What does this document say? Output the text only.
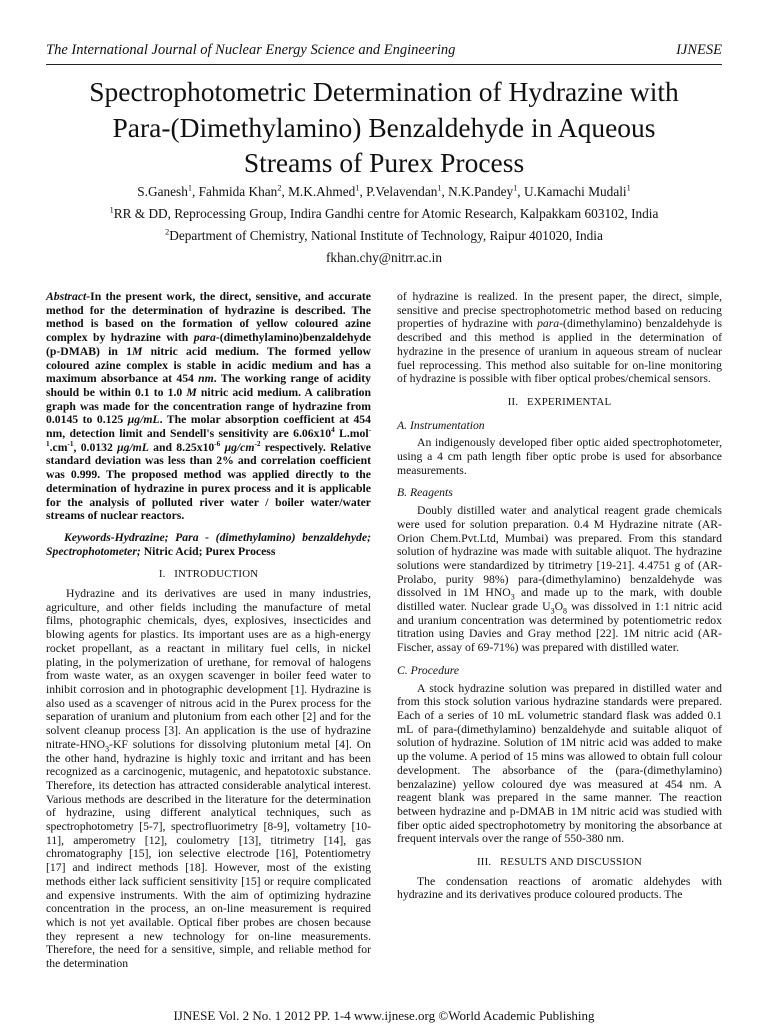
The International Journal of Nuclear Energy Science and Engineering	IJNESE
Spectrophotometric Determination of Hydrazine with
Para-(Dimethylamino) Benzaldehyde in Aqueous
Streams of Purex Process
S.Ganesh$^1$, Fahmida Khan$^2$, M.K.Ahmed$^1$, P.Velavendan$^1$, N.K.Pandey$^1$, U.Kamachi Mudali$^1$
$^1$RR & DD, Reprocessing Group, Indira Gandhi centre for Atomic Research, Kalpakkam 603102, India
$^2$Department of Chemistry, National Institute of Technology, Raipur 401020, India
fkhan.chy@nitrr.ac.in

Abstract-In the present work, the direct, sensitive, and accurate method for the determination of hydrazine is described. The method is based on the formation of yellow coloured azine complex by hydrazine with para-(dimethylamino)benzaldehyde (p-DMAB) in 1M nitric acid medium. The formed yellow coloured azine complex is stable in acidic medium and has a maximum absorbance at 454 nm. The working range of acidity should be within 0.1 to 1.0 M nitric acid medium. A calibration graph was made for the concentration range of hydrazine from 0.0145 to 0.125 μg/mL. The molar absorption coefficient at 454 nm, detection limit and Sendell's sensitivity are $6.06x10^4$ $L.mol^{-1}.cm^{-1}$, 0.0132 μg/mL and $8.25x10^{-6}$ $\mu g/cm^{-2}$ respectively. Relative standard deviation was less than 2% and correlation coefficient was 0.999. The proposed method was applied directly to the determination of hydrazine in purex process and it is applicable for the analysis of polluted river water / boiler water/water streams of nuclear reactors.

Keywords-Hydrazine; Para - (dimethylamino) benzaldehyde; Spectrophotometer; Nitric Acid; Purex Process

I. INTRODUCTION

Hydrazine and its derivatives are used in many industries, agriculture, and other fields including the manufacture of metal films, photographic chemicals, dyes, explosives, insecticides and blowing agents for plastics. Its important uses are as a high-energy rocket propellant, as a reactant in military fuel cells, in nickel plating, in the polymerization of urethane, for removal of halogens from waste water, as an oxygen scavenger in boiler feed water to inhibit corrosion and in photographic development [1]. Hydrazine is also used as a scavenger of nitrous acid in the Purex process for the separation of uranium and plutonium from each other [2] and for the solvent cleanup process [3]. An application is the use of hydrazine nitrate-$HNO_3-KF$ solutions for dissolving plutonium metal [4]. On the other hand, hydrazine is highly toxic and irritant and has been recognized as a carcinogenic, mutagenic, and hepatotoxic substance. Therefore, its detection has attracted considerable analytical interest. Various methods are described in the literature for the determination of hydrazine, using different analytical techniques, such as spectrophotometry [5-7], spectrofluorimetry [8-9], voltametry [10-11], amperometry [12], coulometry [13], titrimetry [14], gas chromatography [15], ion selective electrode [16], Potentiometry [17] and indirect methods [18]. However, most of the existing methods either lack sufficient sensitivity [15] or require complicated and expensive instruments. With the aim of optimizing hydrazine concentration in the process, an on-line measurement is required which is not yet available. Optical fiber probes are chosen because they represent a new technology for on-line measurements. Therefore, the need for a sensitive, simple, and reliable method for the determination

of hydrazine is realized. In the present paper, the direct, simple, sensitive and precise spectrophotometric method based on reducing properties of hydrazine with para-(dimethylamino) benzaldehyde is described and this method is applied in the determination of hydrazine in the presence of uranium in aqueous stream of nuclear fuel reprocessing. This method also suitable for on-line monitoring of hydrazine is possible with fiber optical probes/chemical sensors.

II. EXPERIMENTAL

A. Instrumentation

An indigenously developed fiber optic aided spectrophotometer, using a 4 cm path length fiber optic probe is used for absorbance measurements.

B. Reagents

Doubly distilled water and analytical reagent grade chemicals were used for solution preparation. 0.4 M Hydrazine nitrate (AR-Orion Chem.Pvt.Ltd, Mumbai) was prepared. From this standard solution of hydrazine was made with suitable aliquot. The hydrazine solutions were standardized by titrimetry [19-21]. 4.4751 g of (AR-Prolabo, purity 98%) para-(dimethylamino) benzaldehyde was dissolved in 1M $HNO_3$ and made up to the mark, with double distilled water. Nuclear grade $U_3O_8$ was dissolved in 1:1 nitric acid and uranium concentration was determined by potentiometric redox titration using Davies and Gray method [22]. 1M nitric acid (AR-Fischer, assay of 69-71%) was prepared with distilled water.

C. Procedure

A stock hydrazine solution was prepared in distilled water and from this stock solution various hydrazine standards were prepared. Each of a series of 10 mL volumetric standard flask was added 0.1 mL of para-(dimethylamino) benzaldehyde and suitable aliquot of solution of hydrazine. Solution of 1M nitric acid was added to make up the volume. A period of 15 mins was allowed to obtain full colour development. The absorbance of the (para-(dimethylamino) benzalazine) yellow coloured dye was measured at 454 nm. A reagent blank was prepared in the same manner. The reaction between hydrazine and p-DMAB in 1M nitric acid was studied with fiber optic aided spectrophotometry by monitoring the absorbance at frequent intervals over the range of 550-380 nm.

III. RESULTS AND DISCUSSION

The condensation reactions of aromatic aldehydes with hydrazine and its derivatives produce coloured products. The

IJNESE Vol. 2 No. 1 2012 PP. 1-4 www.ijnese.org ©World Academic Publishing
